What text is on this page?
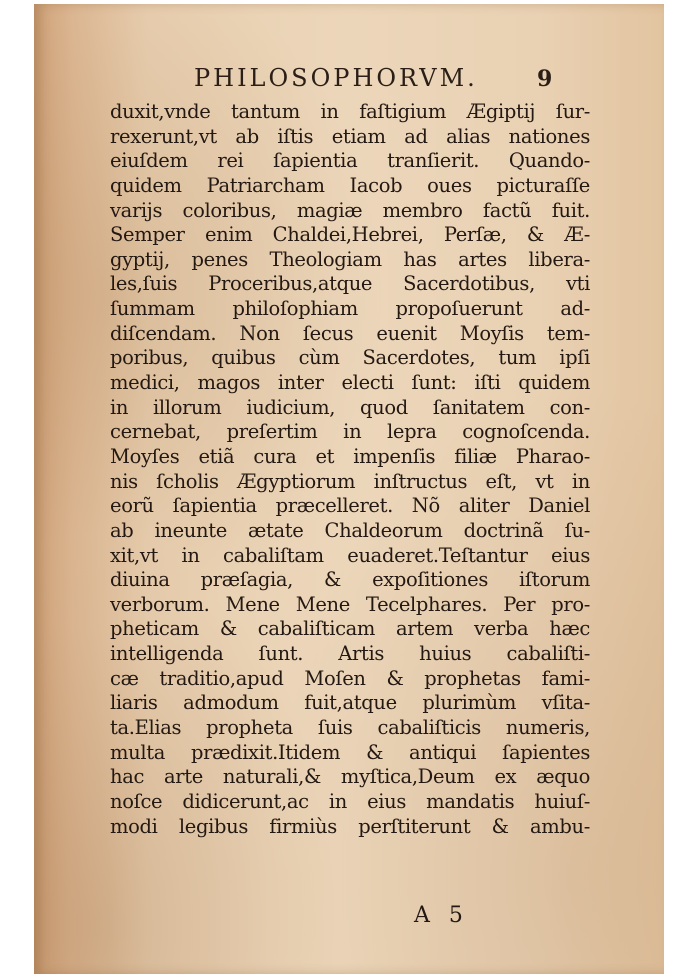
PHILOSOPHORVM.	9
duxit,vnde tantum in faſtigium Ægiptij ſur-
rexerunt,vt ab iſtis etiam ad alias nationes
eiuſdem rei ſapientia tranſierit. Quando-
quidem Patriarcham Iacob oues picturaſſe
varijs coloribus, magiæ membro factũ fuit.
Semper enim Chaldei,Hebrei, Perſæ, & Æ-
gyptij, penes Theologiam has artes libera-
les,ſuis Proceribus,atque Sacerdotibus, vti
ſummam philoſophiam propoſuerunt ad-
diſcendam. Non ſecus euenit Moyſis tem-
poribus, quibus cùm Sacerdotes, tum ipſi
medici, magos inter electi ſunt: iſti quidem
in illorum iudicium, quod ſanitatem con-
cernebat, preſertim in lepra cognoſcenda.
Moyſes etiã cura et impenſis filiæ Pharao-
nis ſcholis Ægyptiorum inſtructus eſt, vt in
eorũ ſapientia præcelleret. Nõ aliter Daniel
ab ineunte ætate Chaldeorum doctrinã ſu-
xit,vt in cabaliſtam euaderet.Teſtantur eius
diuina præſagia, & expoſitiones iſtorum
verborum. Mene Mene Tecelphares. Per pro-
pheticam & cabaliſticam artem verba hæc
intelligenda ſunt. Artis huius cabaliſti-
cæ traditio,apud Moſen & prophetas fami-
liaris admodum fuit,atque plurimùm vſita-
ta.Elias propheta ſuis cabaliſticis numeris,
multa prædixit.Itidem & antiqui ſapientes
hac arte naturali,& myſtica,Deum ex æquo
noſce didicerunt,ac in eius mandatis huiuſ-
modi legibus firmiùs perſtiterunt & ambu-
A 5
